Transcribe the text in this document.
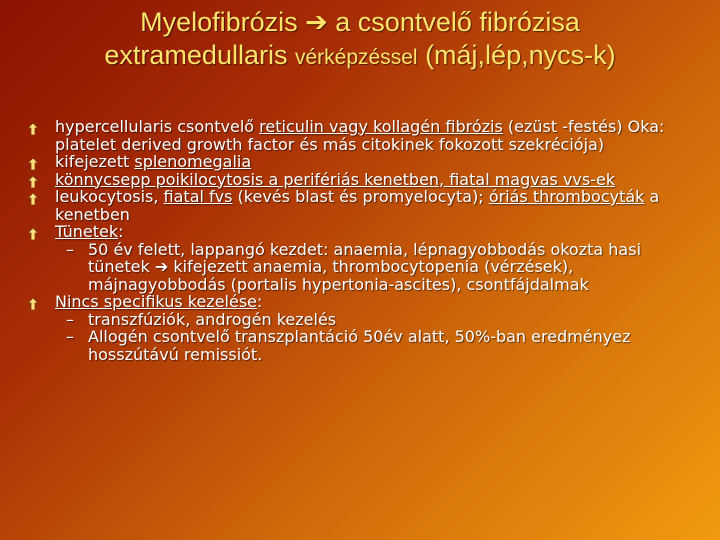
Myelofibrózis ➔ a csontvelő fibrózisa
extramedullaris vérképzéssel (máj,lép,nycs-k)
hypercellularis csontvelő reticulin vagy kollagén fibrózis (ezüst -festés) Oka: platelet derived growth factor és más citokinek fokozott szekréciója)
kifejezett splenomegalia
könnycsepp poikilocytosis a perifériás kenetben, fiatal magvas vvs-ek
leukocytosis, fiatal fvs (kevés blast és promyelocyta); óriás thrombocyták a kenetben
Tünetek:
– 50 év felett, lappangó kezdet: anaemia, lépnagyobbodás okozta hasi tünetek ➔ kifejezett anaemia, thrombocytopenia (vérzések), májnagyobbodás (portalis hypertonia-ascites), csontfájdalmak
Nincs specifikus kezelése:
– transzfúziók, androgén kezelés
– Allogén csontvelő transzplantáció 50év alatt, 50%-ban eredményez hosszútávú remissiót.
